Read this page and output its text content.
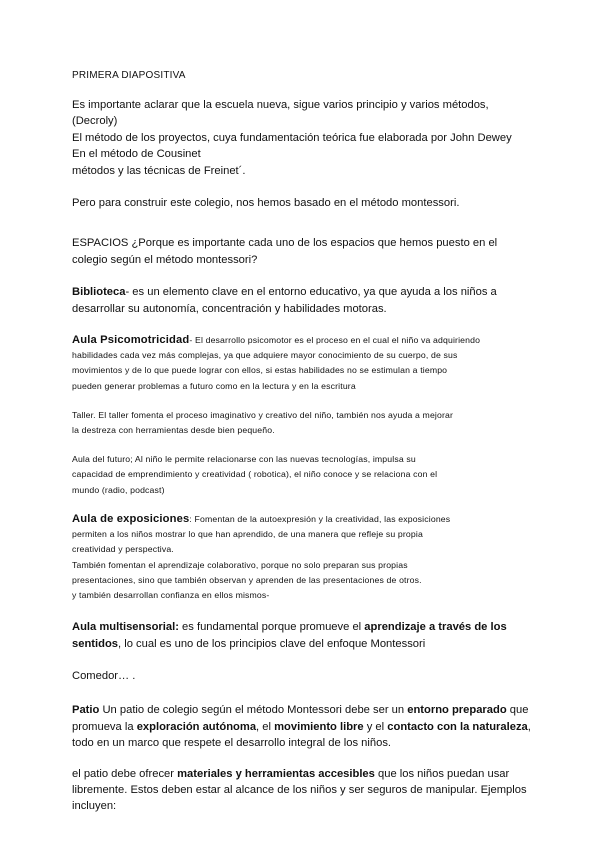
PRIMERA DIAPOSITIVA

Es importante aclarar que la escuela nueva, sigue varios principio y varios métodos,
(Decroly)
El método de los proyectos, cuya fundamentación teórica fue elaborada por John Dewey
En el método de Cousinet
métodos y las técnicas de Freinet´.

Pero para construir este colegio, nos hemos basado en el método montessori.

ESPACIOS ¿Porque es importante cada uno de los espacios que hemos puesto en el
colegio según el método montessori?

Biblioteca- es un elemento clave en el entorno educativo, ya que ayuda a los niños a
desarrollar su autonomía, concentración y habilidades motoras.

Aula Psicomotricidad- El desarrollo psicomotor es el proceso en el cual el niño va adquiriendo
habilidades cada vez más complejas, ya que adquiere mayor conocimiento de su cuerpo, de sus
movimientos y de lo que puede lograr con ellos, si estas habilidades no se estimulan a tiempo
pueden generar problemas a futuro como en la lectura y en la escritura

Taller. El taller fomenta el proceso imaginativo y creativo del niño, también nos ayuda a mejorar
la destreza con herramientas desde bien pequeño.

Aula del futuro; Al niño le permite relacionarse con las nuevas tecnologías, impulsa su
capacidad de emprendimiento y creatividad ( robotica), el niño conoce y se relaciona con el
mundo (radio, podcast)

Aula de exposiciones: Fomentan de la autoexpresión y la creatividad, las exposiciones
permiten a los niños mostrar lo que han aprendido, de una manera que refleje su propia
creatividad y perspectiva.
También fomentan el aprendizaje colaborativo, porque no solo preparan sus propias
presentaciones, sino que también observan y aprenden de las presentaciones de otros.
y también desarrollan confianza en ellos mismos-

Aula multisensorial: es fundamental porque promueve el aprendizaje a través de los
sentidos, lo cual es uno de los principios clave del enfoque Montessori

Comedor… .

Patio Un patio de colegio según el método Montessori debe ser un entorno preparado que
promueva la exploración autónoma, el movimiento libre y el contacto con la naturaleza,
todo en un marco que respete el desarrollo integral de los niños.

el patio debe ofrecer materiales y herramientas accesibles que los niños puedan usar
libremente. Estos deben estar al alcance de los niños y ser seguros de manipular. Ejemplos
incluyen:
